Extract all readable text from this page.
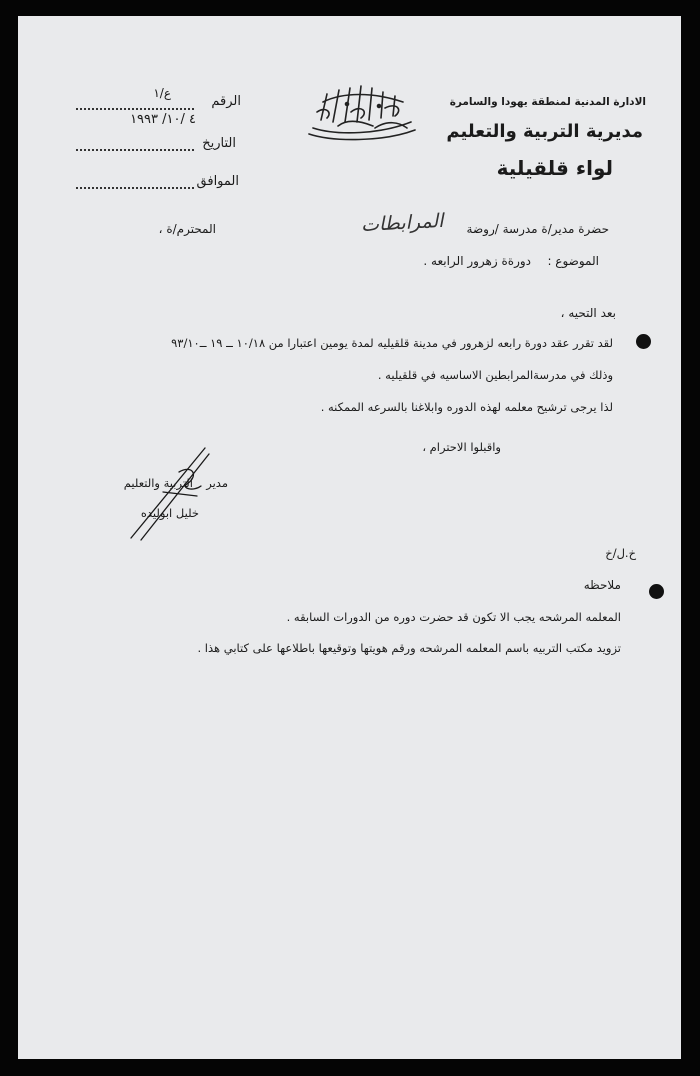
الادارة المدنية لمنطقة يهودا والسامرة
مديرية التربية والتعليم
لواء قلقيلية
الرقم
ع/١
التاريخ
٤ /١٠/ ١٩٩٣
الموافق
حضرة مدير/ة مدرسة /روضة
المرابطات
المحترم/ة ،
الموضوع :
دورةة زهرور الرابعه .
بعد التحيه ،
لقد تقرر عقد دورة رابعه لزهرور في مدينة قلقيليه لمدة يومين اعتبارا من ١٠/١٨ ــ ١٩ ــ٩٣/١٠
وذلك في مدرسةالمرابطين الاساسيه في قلقيليه .
لذا يرجى ترشيح معلمه لهذه الدوره وابلاغنا بالسرعه الممكنه .
واقبلوا الاحترام ،
مدير
التربية والتعليم
خليل ابوليده
خ.ل/خ
ملاحظه
المعلمه المرشحه يجب الا تكون قد حضرت دوره من الدورات السابقه .
تزويد مكتب التربيه باسم المعلمه المرشحه ورقم هويتها وتوقيعها باطلاعها على كتابي هذا .
